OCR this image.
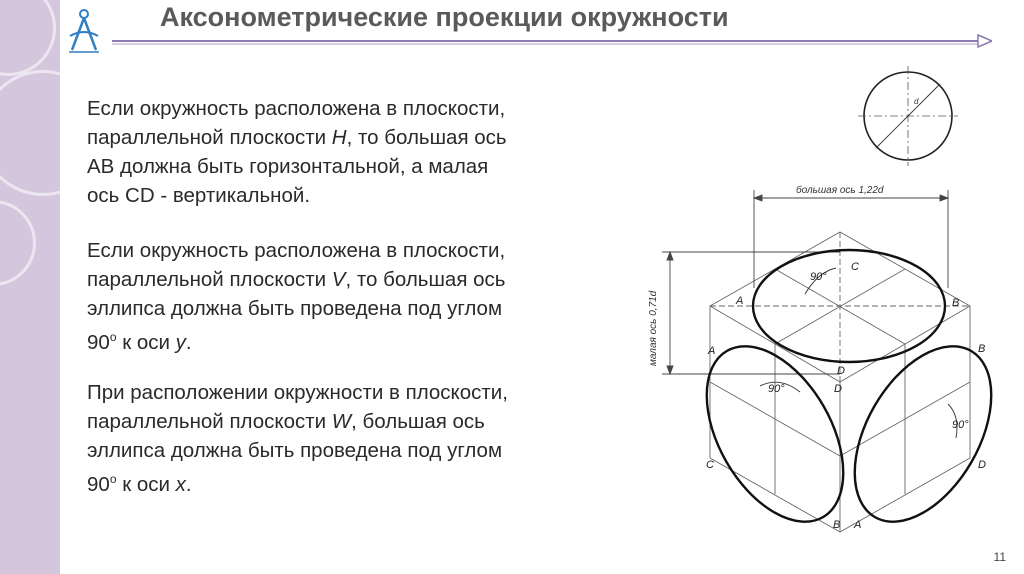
Аксонометрические проекции окружности

Если окружность расположена в плоскости,

параллельной плоскости H, то большая ось

AB должна быть горизонтальной, а малая

ось CD - вертикальной.

Если окружность расположена в плоскости,

параллельной плоскости V, то большая ось

эллипса должна быть проведена под углом

$90^о$ к оси y.

При расположении окружности в плоскости,

параллельной плоскости W, большая ось

эллипса должна быть проведена под углом

$90^о$ к оси x.

d
большая ось 1,22d
малая ось 0,71d
90°
90°
90°
A	B
C
D
A	B
D
C	D
B A
11
